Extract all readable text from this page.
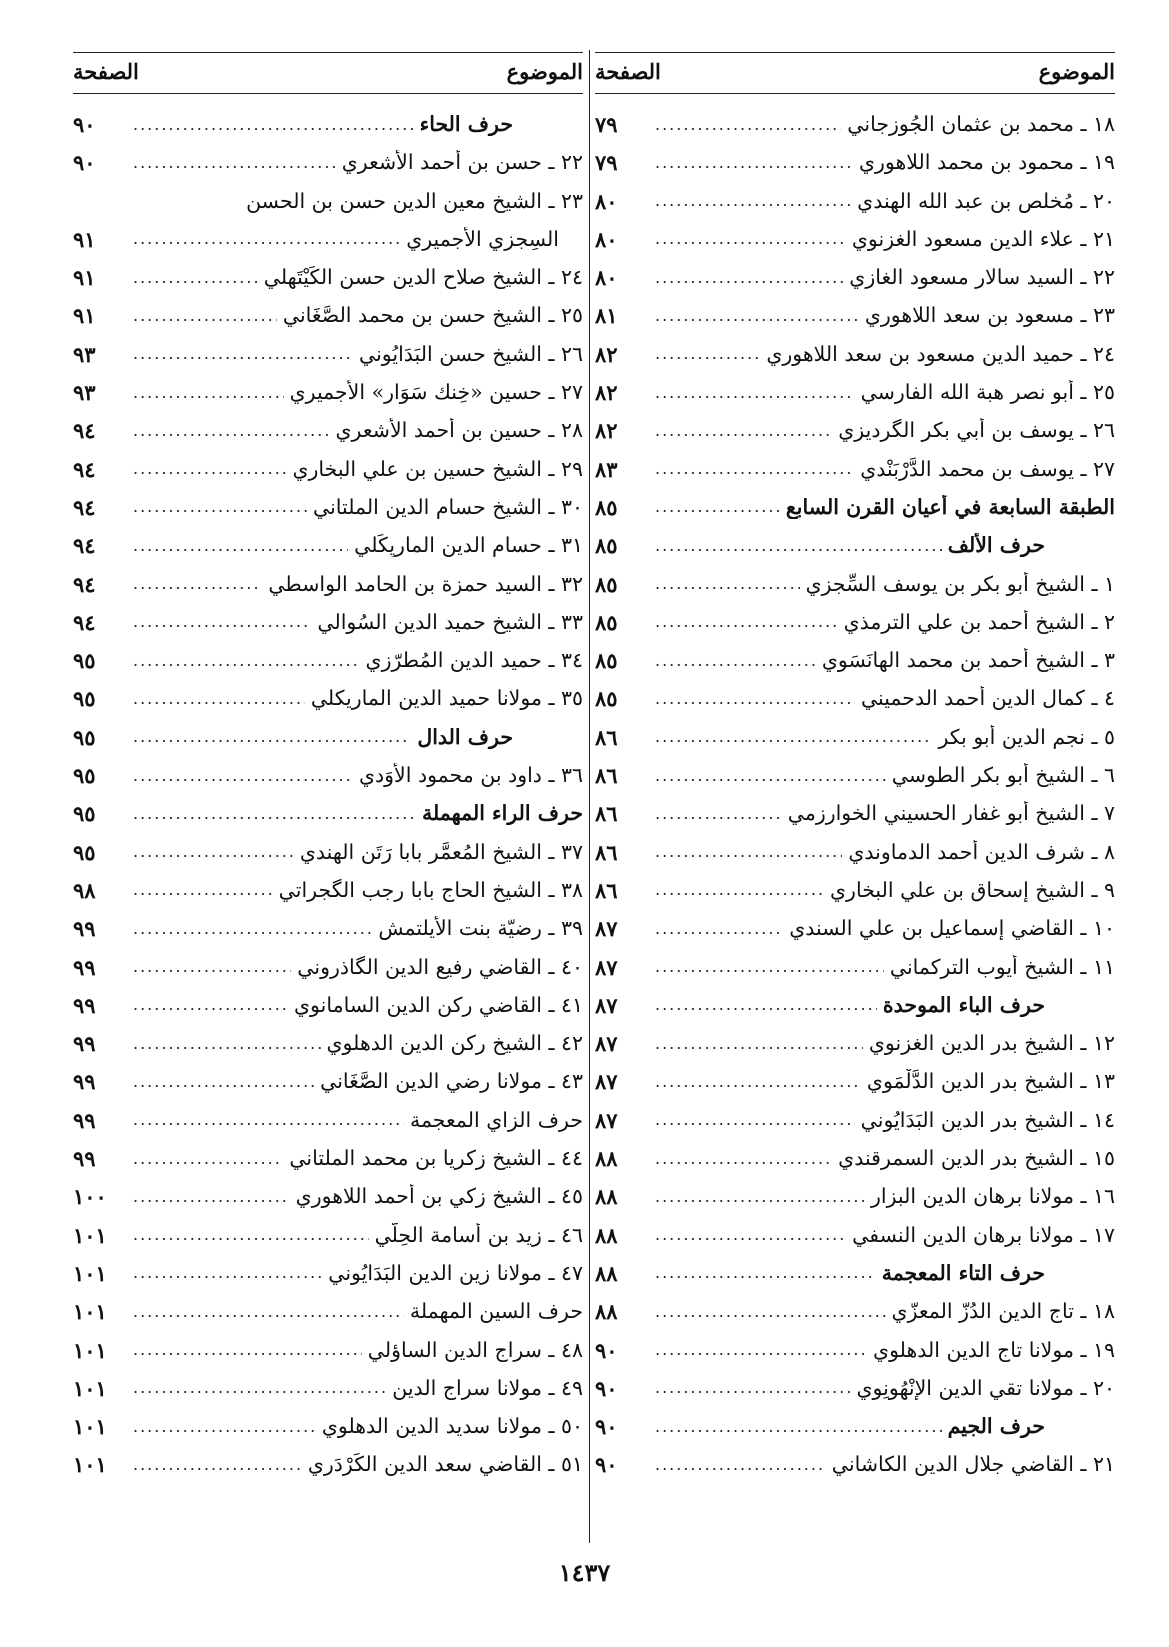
الموضوع
الصفحة
١٨ ـ محمد بن عثمان الجُوزجاني
.....
٧٩
١٩ ـ محمود بن محمد اللاهوري
.....
٧٩
٢٠ ـ مُخلص بن عبد الله الهندي
.....
٨٠
٢١ ـ علاء الدين مسعود الغزنوي
.....
٨٠
٢٢ ـ السيد سالار مسعود الغازي
.....
٨٠
٢٣ ـ مسعود بن سعد اللاهوري
.....
٨١
٢٤ ـ حميد الدين مسعود بن سعد اللاهوري
.....
٨٢
٢٥ ـ أبو نصر هبة الله الفارسي
.....
٨٢
٢٦ ـ يوسف بن أبي بكر الگرديزي
.....
٨٢
٢٧ ـ يوسف بن محمد الدَّرْبَنْدي
.....
٨٣
الطبقة السابعة في أعيان القرن السابع
.....
٨٥
حرف الألف
.....
٨٥
١ ـ الشيخ أبو بكر بن يوسف السِّجزي
.....
٨٥
٢ ـ الشيخ أحمد بن علي الترمذي
.....
٨٥
٣ ـ الشيخ أحمد بن محمد الهانَسَوِي
.....
٨٥
٤ ـ كمال الدين أحمد الدحميني
.....
٨٥
٥ ـ نجم الدين أبو بكر
.....
٨٦
٦ ـ الشيخ أبو بكر الطوسي
.....
٨٦
٧ ـ الشيخ أبو غفار الحسيني الخوارزمي
.....
٨٦
٨ ـ شرف الدين أحمد الدماوندي
.....
٨٦
٩ ـ الشيخ إسحاق بن علي البخاري
.....
٨٦
١٠ ـ القاضي إسماعيل بن علي السندي
.....
٨٧
١١ ـ الشيخ أيوب التركماني
.....
٨٧
حرف الباء الموحدة
.....
٨٧
١٢ ـ الشيخ بدر الدين الغزنوي
.....
٨٧
١٣ ـ الشيخ بدر الدين الدَّلْمَوي
.....
٨٧
١٤ ـ الشيخ بدر الدين البَدَايُوني
.....
٨٧
١٥ ـ الشيخ بدر الدين السمرقندي
.....
٨٨
١٦ ـ مولانا برهان الدين البزار
.....
٨٨
١٧ ـ مولانا برهان الدين النسفي
.....
٨٨
حرف التاء المعجمة
.....
٨٨
١٨ ـ تاج الدين الدُزّ المعزّي
.....
٨٨
١٩ ـ مولانا تاج الدين الدهلوي
.....
٩٠
٢٠ ـ مولانا تقي الدين الإِنْهُونِوي
.....
٩٠
حرف الجيم
.....
٩٠
٢١ ـ القاضي جلال الدين الكاشاني
.....
٩٠
الموضوع
الصفحة
حرف الحاء
.....
٩٠
٢٢ ـ حسن بن أحمد الأشعري
.....
٩٠
٢٣ ـ الشيخ معين الدين حسن بن الحسن
السِجزي الأَجميري
.....
٩١
٢٤ ـ الشيخ صلاح الدين حسن الكَيْتَهلي
.....
٩١
٢٥ ـ الشيخ حسن بن محمد الصَّغَاني
.....
٩١
٢٦ ـ الشيخ حسن البَدَايُوني
.....
٩٣
٢٧ ـ حسين «خِنك سَوَار» الأجميري
.....
٩٣
٢٨ ـ حسين بن أحمد الأشعري
.....
٩٤
٢٩ ـ الشيخ حسين بن علي البخاري
.....
٩٤
٣٠ ـ الشيخ حسام الدين الملتاني
.....
٩٤
٣١ ـ حسام الدين الماريِكَلي
.....
٩٤
٣٢ ـ السيد حمزة بن الحامد الواسطي
.....
٩٤
٣٣ ـ الشيخ حميد الدين السُوالي
.....
٩٤
٣٤ ـ حميد الدين المُطرّزي
.....
٩٥
٣٥ ـ مولانا حميد الدين الماريكلي
.....
٩٥
حرف الدال
.....
٩٥
٣٦ ـ داود بن محمود الأَوَدي
.....
٩٥
حرف الراء المهملة
.....
٩٥
٣٧ ـ الشيخ المُعمَّر بابا رَتَن الهندي
.....
٩٥
٣٨ ـ الشيخ الحاج بابا رجب الگجراتي
.....
٩٨
٣٩ ـ رضيّة بنت الأيلتمش
.....
٩٩
٤٠ ـ القاضي رفيع الدين الگاذروني
.....
٩٩
٤١ ـ القاضي ركن الدين السامانوي
.....
٩٩
٤٢ ـ الشيخ ركن الدين الدهلوي
.....
٩٩
٤٣ ـ مولانا رضي الدين الصَّغَاني
.....
٩٩
حرف الزاي المعجمة
.....
٩٩
٤٤ ـ الشيخ زكريا بن محمد الملتاني
.....
٩٩
٤٥ ـ الشيخ زكي بن أحمد اللاهوري
.....
١٠٠
٤٦ ـ زيد بن أسامة الحِلّي
.....
١٠١
٤٧ ـ مولانا زين الدين البَدَايُوني
.....
١٠١
حرف السين المهملة
.....
١٠١
٤٨ ـ سراج الدين الساؤلي
.....
١٠١
٤٩ ـ مولانا سراج الدين
.....
١٠١
٥٠ ـ مولانا سديد الدين الدهلوي
.....
١٠١
٥١ ـ القاضي سعد الدين الكَرْدَري
.....
١٠١
١٤٣٧
